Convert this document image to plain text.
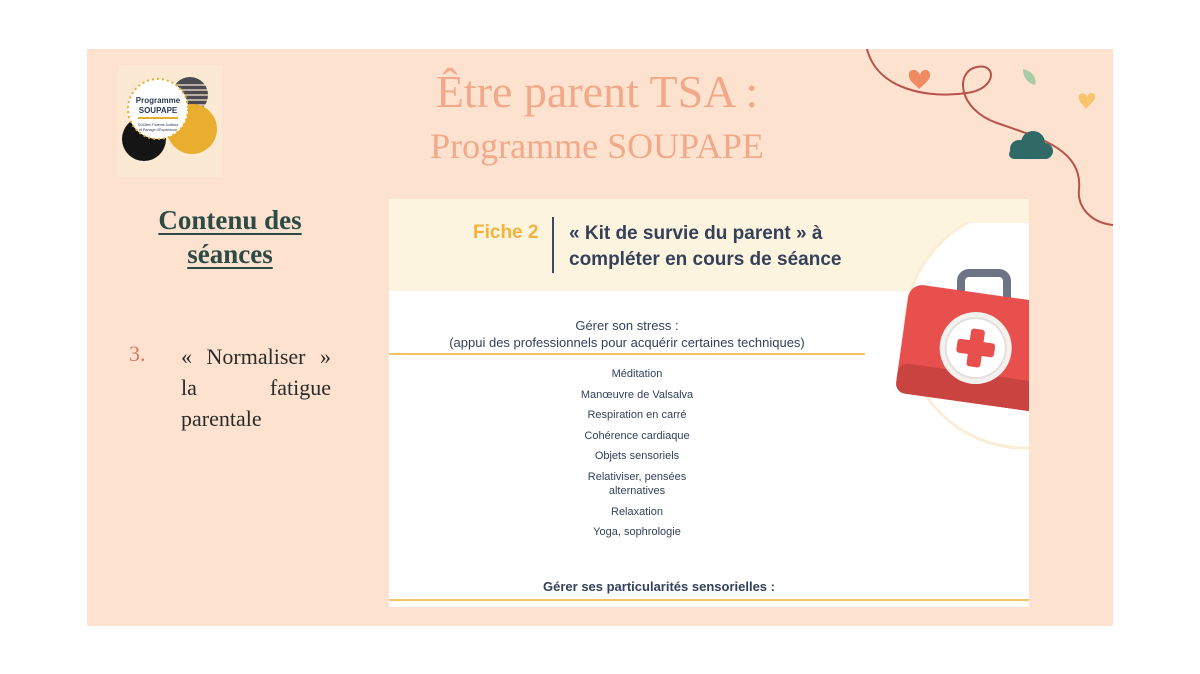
Programme
SOUPAPE
SOUtien Parents Autistes
et Partage d'Expérience
Être parent TSA :
Programme SOUPAPE
Contenu des séances
3. « Normaliser » la fatigue parentale
Fiche 2 « Kit de survie du parent » à compléter en cours de séance
Gérer son stress :
(appui des professionnels pour acquérir certaines techniques)
Méditation
Manœuvre de Valsalva
Respiration en carré
Cohérence cardiaque
Objets sensoriels
Relativiser, pensées alternatives
Relaxation
Yoga, sophrologie
Gérer ses particularités sensorielles :
